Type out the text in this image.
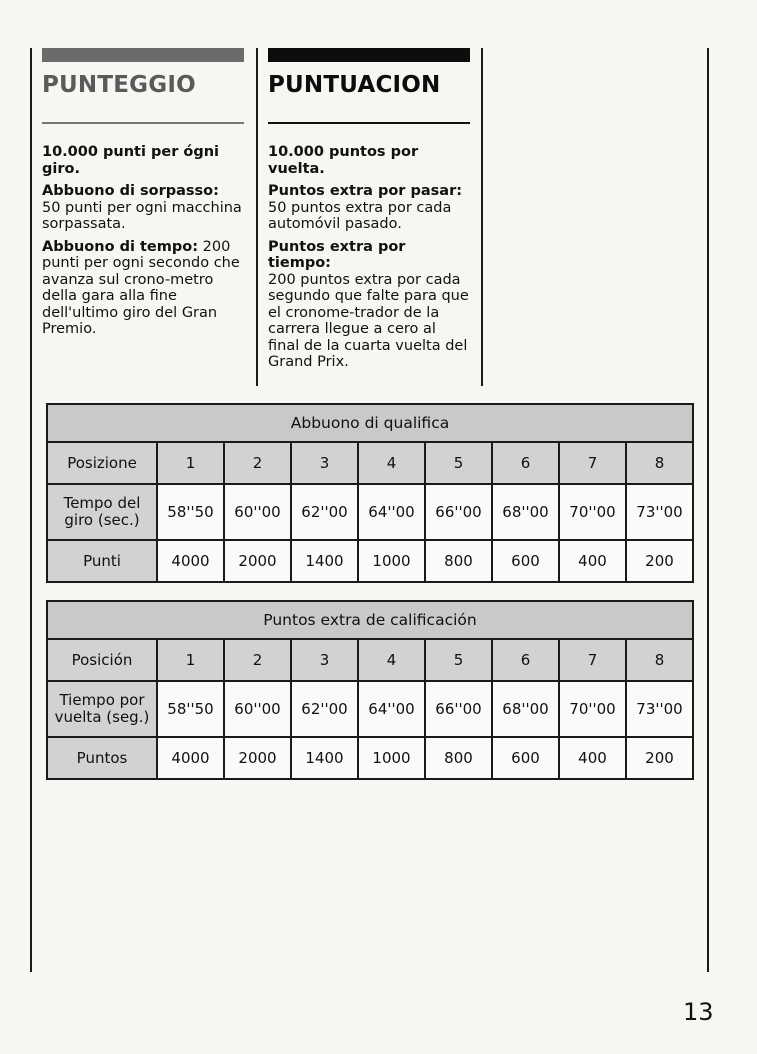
PUNTEGGIO

10.000 punti per ógni giro.

Abbuono di sorpasso:
50 punti per ogni macchina sorpassata.

Abbuono di tempo: 200 punti per ogni secondo che avanza sul crono-metro della gara alla fine dell'ultimo giro del Gran Premio.

PUNTUACION

10.000 puntos por vuelta.

Puntos extra por pasar:
50 puntos extra por cada automóvil pasado.

Puntos extra por tiempo:
200 puntos extra por cada segundo que falte para que el cronome-trador de la carrera llegue a cero al final de la cuarta vuelta del Grand Prix.

Abbuono di qualifica								
Posizione	1	2	3	4	5	6	7	8
Tempo del giro (sec.)	58''50	60''00	62''00	64''00	66''00	68''00	70''00	73''00
Punti	4000	2000	1400	1000	800	600	400	200
Puntos extra de calificación								
Posición	1	2	3	4	5	6	7	8
Tiempo por vuelta (seg.)	58''50	60''00	62''00	64''00	66''00	68''00	70''00	73''00
Puntos	4000	2000	1400	1000	800	600	400	200
13
